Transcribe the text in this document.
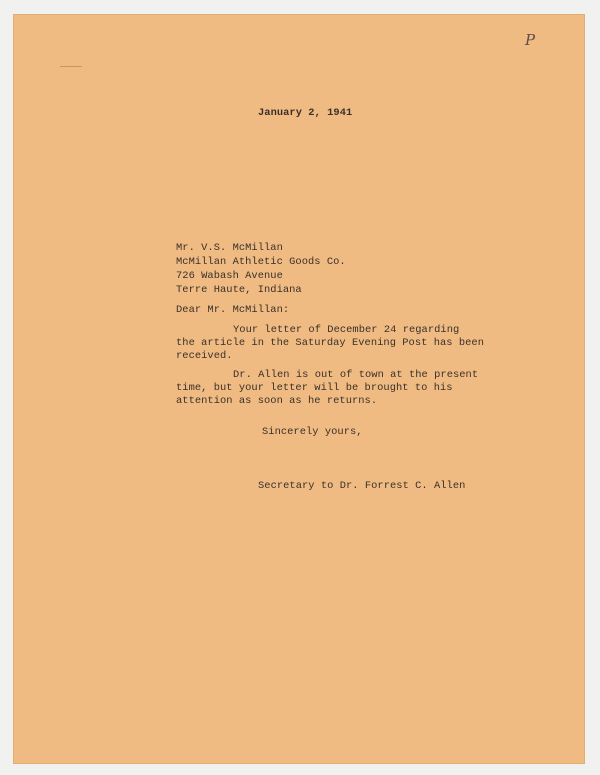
P
January 2, 1941
Mr. V.S. McMillan
McMillan Athletic Goods Co.
726 Wabash Avenue
Terre Haute, Indiana
Dear Mr. McMillan:
Your letter of December 24 regarding
the article in the Saturday Evening Post has been
received.
Dr. Allen is out of town at the present
time, but your letter will be brought to his
attention as soon as he returns.
Sincerely yours,
Secretary to Dr. Forrest C. Allen
